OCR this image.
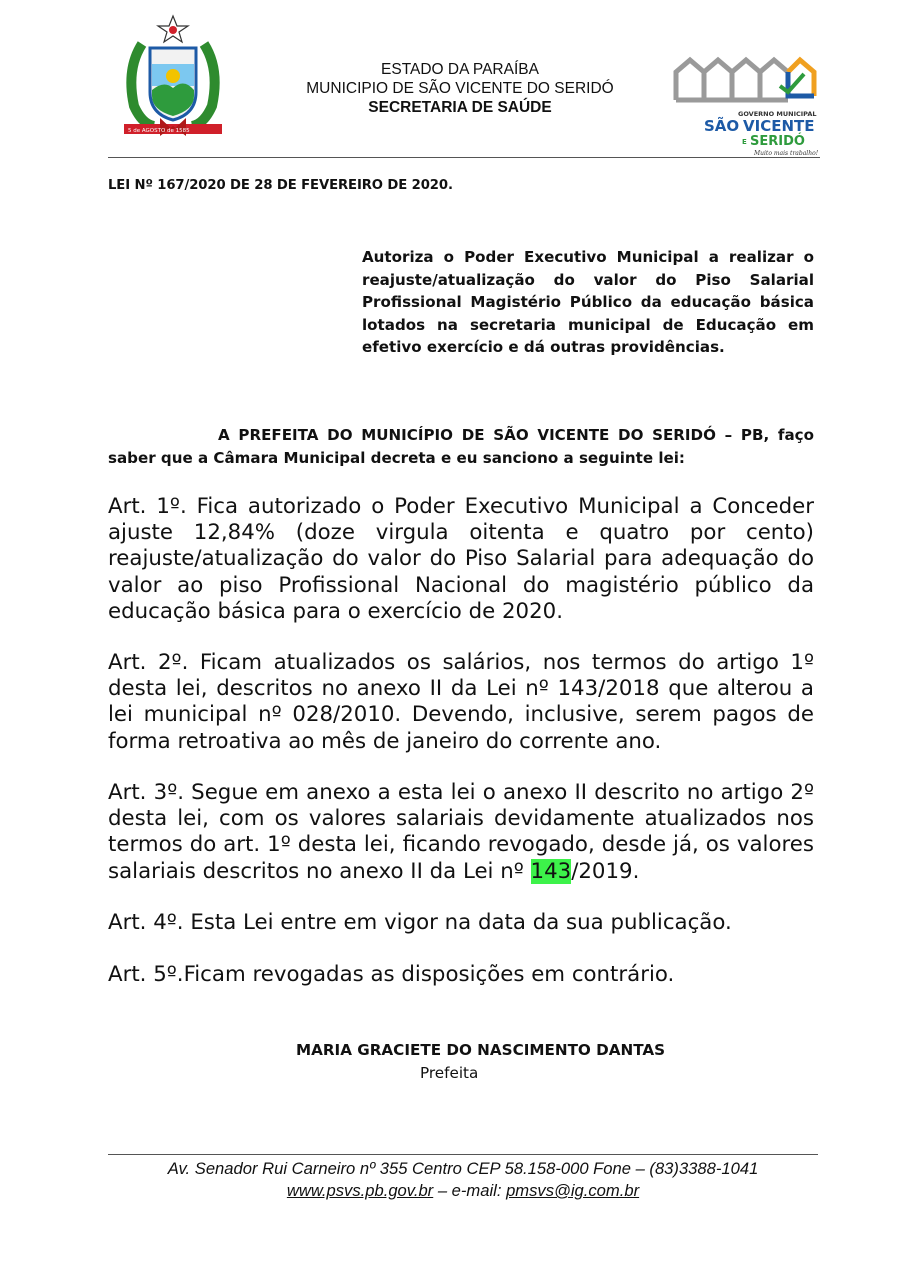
5 de AGOSTO de 1585
ESTADO DA PARAÍBA
MUNICIPIO DE SÃO VICENTE DO SERIDÓ
SECRETARIA DE SAÚDE	GOVERNO MUNICIPAL
SÃO VICENTE
E SERIDÓ
Muito mais trabalho!
LEI Nº 167/2020 DE 28 DE FEVEREIRO DE 2020.
Autoriza o Poder Executivo Municipal a realizar o reajuste/atualização do valor do Piso Salarial Profissional Magistério Público da educação básica lotados na secretaria municipal de Educação em efetivo exercício e dá outras providências.
A PREFEITA DO MUNICÍPIO DE SÃO VICENTE DO SERIDÓ – PB, faço saber que a Câmara Municipal decreta e eu sanciono a seguinte lei:
Art. 1º. Fica autorizado o Poder Executivo Municipal a Conceder ajuste 12,84% (doze virgula oitenta e quatro por cento) reajuste/atualização do valor do Piso Salarial para adequação do valor ao piso Profissional Nacional do magistério público da educação básica para o exercício de 2020.
Art. 2º. Ficam atualizados os salários, nos termos do artigo 1º desta lei, descritos no anexo II da Lei nº 143/2018 que alterou a lei municipal nº 028/2010. Devendo, inclusive, serem pagos de forma retroativa ao mês de janeiro do corrente ano.
Art. 3º. Segue em anexo a esta lei o anexo II descrito no artigo 2º desta lei, com os valores salariais devidamente atualizados nos termos do art. 1º desta lei, ficando revogado, desde já, os valores salariais descritos no anexo II da Lei nº 143/2019.
Art. 4º. Esta Lei entre em vigor na data da sua publicação.
Art. 5º.Ficam revogadas as disposições em contrário.
MARIA GRACIETE DO NASCIMENTO DANTAS
Prefeita
Av. Senador Rui Carneiro nº 355 Centro CEP 58.158-000 Fone – (83)3388-1041
www.psvs.pb.gov.br – e-mail: pmsvs@ig.com.br
